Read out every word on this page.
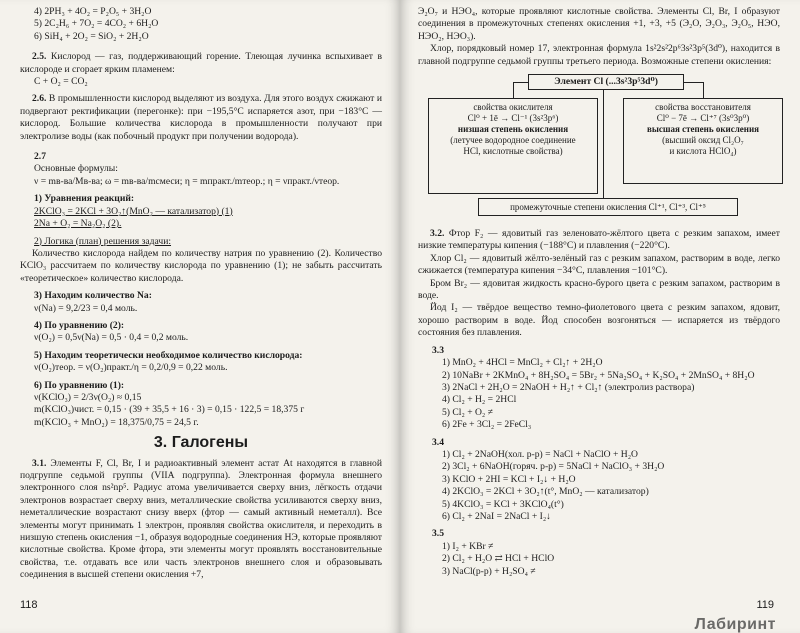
4) 2PH₃ + 4O₂ = P₂O₅ + 3H₂O

5) 2C₂H₆ + 7O₂ = 4CO₂ + 6H₂O

6) SiH₄ + 2O₂ = SiO₂ + 2H₂O

2.5. Кислород — газ, поддерживающий горение. Тлеющая лучинка вспыхивает в кислороде и сгорает ярким пламенем:

C + O₂ = CO₂

2.6. В промышленности кислород выделяют из воздуха. Для этого воздух сжижают и подвергают ректификации (перегонке): при −195,5°С испаряется азот, при −183°С — кислород. Большие количества кислорода в промышленности получают при электролизе воды (как побочный продукт при получении водорода).

2.7

Основные формулы:

ν = mв-ва/Mв-ва; ω = mв-ва/mсмеси; η = mпракт./mтеор.; η = νпракт./νтеор.

1) Уравнения реакций:

2KClO₃ = 2KCl + 3O₂↑(MnO₂ — катализатор) (1)

2Na + O₂ = Na₂O₂ (2).

2) Логика (план) решения задачи:

Количество кислорода найдем по количеству натрия по уравнению (2). Количество KClO₃ рассчитаем по количеству кислорода по уравнению (1); не забыть рассчитать «теоретическое» количество кислорода.

3) Находим количество Na:

ν(Na) = 9,2/23 = 0,4 моль.

4) По уравнению (2):

ν(O₂) = 0,5ν(Na) = 0,5 · 0,4 = 0,2 моль.

5) Находим теоретически необходимое количество кислорода:

ν(O₂)теор. = ν(O₂)практ./η = 0,2/0,9 = 0,22 моль.

6) По уравнению (1):

ν(KClO₃) = 2/3ν(O₂) ≈ 0,15

m(KClO₃)чист. = 0,15 · (39 + 35,5 + 16 · 3) = 0,15 · 122,5 = 18,375 г

m(KClO₃ + MnO₂) = 18,375/0,75 = 24,5 г.

3. Галогены

3.1. Элементы F, Cl, Br, I и радиоактивный элемент астат At находятся в главной подгруппе седьмой группы (VIIA подгруппа). Электронная формула внешнего электронного слоя ns²np⁵. Радиус атома увеличивается сверху вниз, лёгкость отдачи электронов возрастает сверху вниз, металлические свойства усиливаются сверху вниз, неметаллические возрастают снизу вверх (фтор — самый активный неметалл). Все элементы могут принимать 1 электрон, проявляя свойства окислителя, и переходить в низшую степень окисления −1, образуя водородные соединения HЭ, которые проявляют кислотные свойства. Кроме фтора, эти элементы могут проявлять восстановительные свойства, т.е. отдавать все или часть электронов внешнего слоя и образовывать соединения в высшей степени окисления +7,

118

Э₂О₇ и НЭО₄, которые проявляют кислотные свойства. Элементы Cl, Br, I образуют соединения в промежуточных степенях окисления +1, +3, +5 (Э₂О, Э₂О₃, Э₂О₅, НЭО, НЭО₂, НЭО₃).

Хлор, порядковый номер 17, электронная формула 1s²2s²2p⁶3s²3p⁵(3d⁰), находится в главной подгруппе седьмой группы третьего периода. Возможные степени окисления:

Элемент Cl (...3s²3p⁵3d⁰)
свойства окислителя
Cl⁰ + 1ē → Cl⁻¹ (3s²3p⁶)
низшая степень окисления
(летучее водородное соединение
HCl, кислотные свойства)
свойства восстановителя
Cl⁰ − 7ē → Cl⁺⁷ (3s⁰3p⁰)
высшая степень окисления
(высший оксид Cl₂O₇
и кислота HClO₄)
промежуточные степени окисления Cl⁺¹, Cl⁺³, Cl⁺⁵

3.2. Фтор F₂ — ядовитый газ зеленовато-жёлтого цвета с резким запахом, имеет низкие температуры кипения (−188°С) и плавления (−220°С).

Хлор Cl₂ — ядовитый жёлто-зелёный газ с резким запахом, растворим в воде, легко сжижается (температура кипения −34°С, плавления −101°С).

Бром Br₂ — ядовитая жидкость красно-бурого цвета с резким запахом, растворим в воде.

Йод I₂ — твёрдое вещество темно-фиолетового цвета с резким запахом, ядовит, хорошо растворим в воде. Йод способен возгоняться — испаряется из твёрдого состояния без плавления.

3.3

1) MnO₂ + 4HCl = MnCl₂ + Cl₂↑ + 2H₂O

2) 10NaBr + 2KMnO₄ + 8H₂SO₄ = 5Br₂ + 5Na₂SO₄ + K₂SO₄ + 2MnSO₄ + 8H₂O

3) 2NaCl + 2H₂O = 2NaOH + H₂↑ + Cl₂↑ (электролиз раствора)

4) Cl₂ + H₂ = 2HCl

5) Cl₂ + O₂ ≠

6) 2Fe + 3Cl₂ = 2FeCl₃

3.4

1) Cl₂ + 2NaOH(хол. р-р) = NaCl + NaClO + H₂O

2) 3Cl₂ + 6NaOH(горяч. р-р) = 5NaCl + NaClO₃ + 3H₂O

3) KClO + 2HI = KCl + I₂↓ + H₂O

4) 2KClO₃ = 2KCl + 3O₂↑(t°, MnO₂ — катализатор)

5) 4KClO₃ = KCl + 3KClO₄(t°)

6) Cl₂ + 2NaI = 2NaCl + I₂↓

3.5

1) I₂ + KBr ≠

2) Cl₂ + H₂O ⇄ HCl + HClO

3) NaCl(р-р) + H₂SO₄ ≠

119
Лабиринт
